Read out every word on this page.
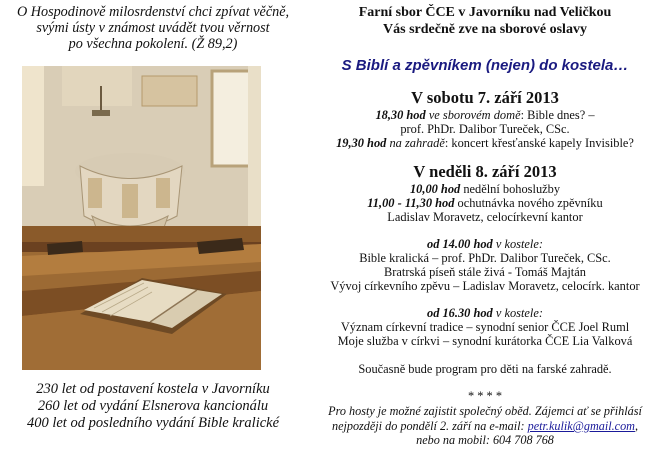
O Hospodinově milosrdenství chci zpívat věčně,
svými ústy v známost uvádět tvou věrnost
po všechna pokolení. (Ž 89,2)
230 let od postavení kostela v Javorníku
260 let od vydání Elsnerova kancionálu
400 let od posledního vydání Bible kralické
Farní sbor ČCE v Javorníku nad Veličkou
Vás srdečně zve na sborové oslavy
S Biblí a zpěvníkem (nejen) do kostela…
V sobotu 7. září 2013
18,30 hod ve sborovém domě: Bible dnes? –
prof. PhDr. Dalibor Tureček, CSc.
19,30 hod na zahradě: koncert křesťanské kapely Invisible?
V neděli 8. září 2013
10,00 hod nedělní bohoslužby
11,00 - 11,30 hod ochutnávka nového zpěvníku
Ladislav Moravetz, celocírkevní kantor
od 14.00 hod v kostele:
Bible kralická – prof. PhDr. Dalibor Tureček, CSc.
Bratrská píseň stále živá - Tomáš Majtán
Vývoj církevního zpěvu – Ladislav Moravetz, celocírk. kantor
od 16.30 hod v kostele:
Význam církevní tradice – synodní senior ČCE Joel Ruml
Moje služba v církvi – synodní kurátorka ČCE Lia Valková
Současně bude program pro děti na farské zahradě.
* * * *
Pro hosty je možné zajistit společný oběd. Zájemci ať se přihlásí
nejpozději do pondělí 2. září na e-mail: petr.kulik@gmail.com,
nebo na mobil: 604 708 768
